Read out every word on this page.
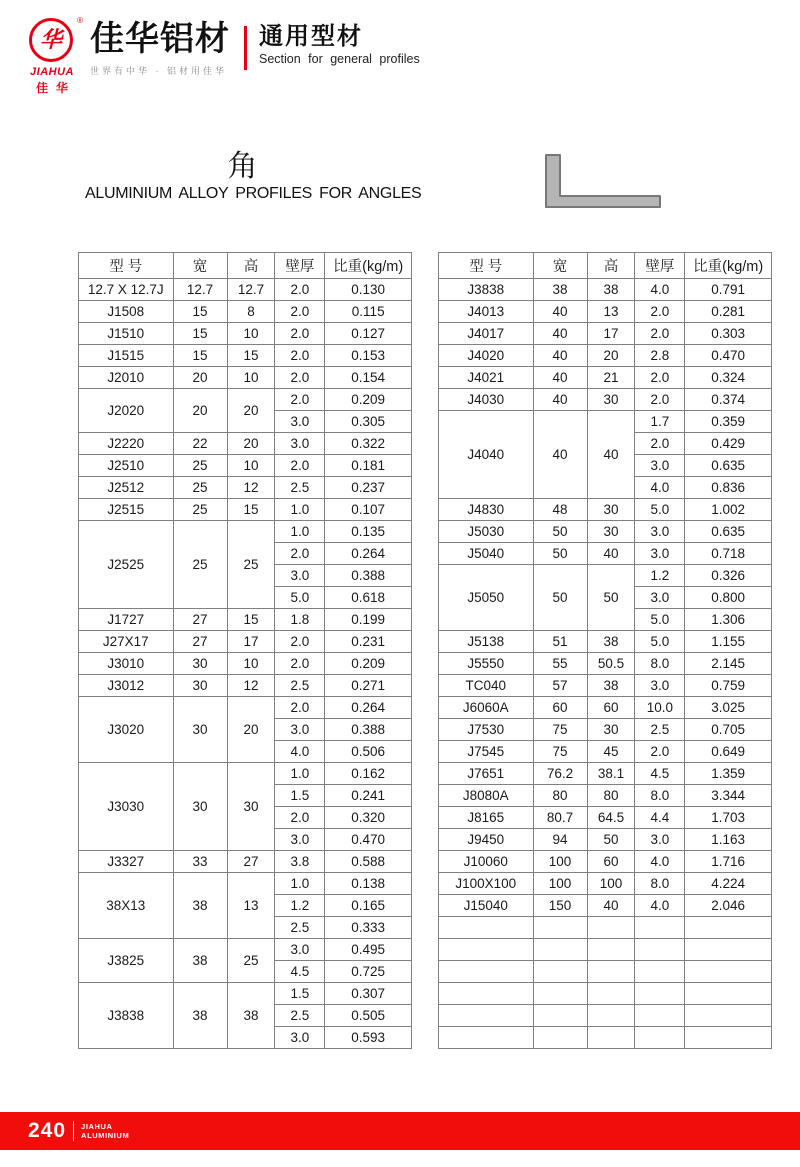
华
®
JIAHUA
佳华
佳华铝材
世界有中华 · 铝材用佳华
通用型材
Section for general profiles
角
ALUMINIUM ALLOY PROFILES FOR ANGLES
型 号	宽	高	壁厚	比重(kg/m)
12.7 X 12.7J	12.7	12.7	2.0	0.130
J1508	15	8	2.0	0.115
J1510	15	10	2.0	0.127
J1515	15	15	2.0	0.153
J2010	20	10	2.0	0.154
J2020	20	20	2.0	0.209
			3.0	0.305
J2220	22	20	3.0	0.322
J2510	25	10	2.0	0.181
J2512	25	12	2.5	0.237
J2515	25	15	1.0	0.107
J2525	25	25	1.0	0.135
			2.0	0.264
			3.0	0.388
			5.0	0.618
J1727	27	15	1.8	0.199
J27X17	27	17	2.0	0.231
J3010	30	10	2.0	0.209
J3012	30	12	2.5	0.271
J3020	30	20	2.0	0.264
			3.0	0.388
			4.0	0.506
J3030	30	30	1.0	0.162
			1.5	0.241
			2.0	0.320
			3.0	0.470
J3327	33	27	3.8	0.588
38X13	38	13	1.0	0.138
			1.2	0.165
			2.5	0.333
J3825	38	25	3.0	0.495
			4.5	0.725
J3838	38	38	1.5	0.307
			2.5	0.505
			3.0	0.593
型 号	宽	高	壁厚	比重(kg/m)
J3838	38	38	4.0	0.791
J4013	40	13	2.0	0.281
J4017	40	17	2.0	0.303
J4020	40	20	2.8	0.470
J4021	40	21	2.0	0.324
J4030	40	30	2.0	0.374
J4040	40	40	1.7	0.359
			2.0	0.429
			3.0	0.635
			4.0	0.836
J4830	48	30	5.0	1.002
J5030	50	30	3.0	0.635
J5040	50	40	3.0	0.718
J5050	50	50	1.2	0.326
			3.0	0.800
			5.0	1.306
J5138	51	38	5.0	1.155
J5550	55	50.5	8.0	2.145
TC040	57	38	3.0	0.759
J6060A	60	60	10.0	3.025
J7530	75	30	2.5	0.705
J7545	75	45	2.0	0.649
J7651	76.2	38.1	4.5	1.359
J8080A	80	80	8.0	3.344
J8165	80.7	64.5	4.4	1.703
J9450	94	50	3.0	1.163
J10060	100	60	4.0	1.716
J100X100	100	100	8.0	4.224
J15040	150	40	4.0	2.046

240 JIAHUA
ALUMINIUM
